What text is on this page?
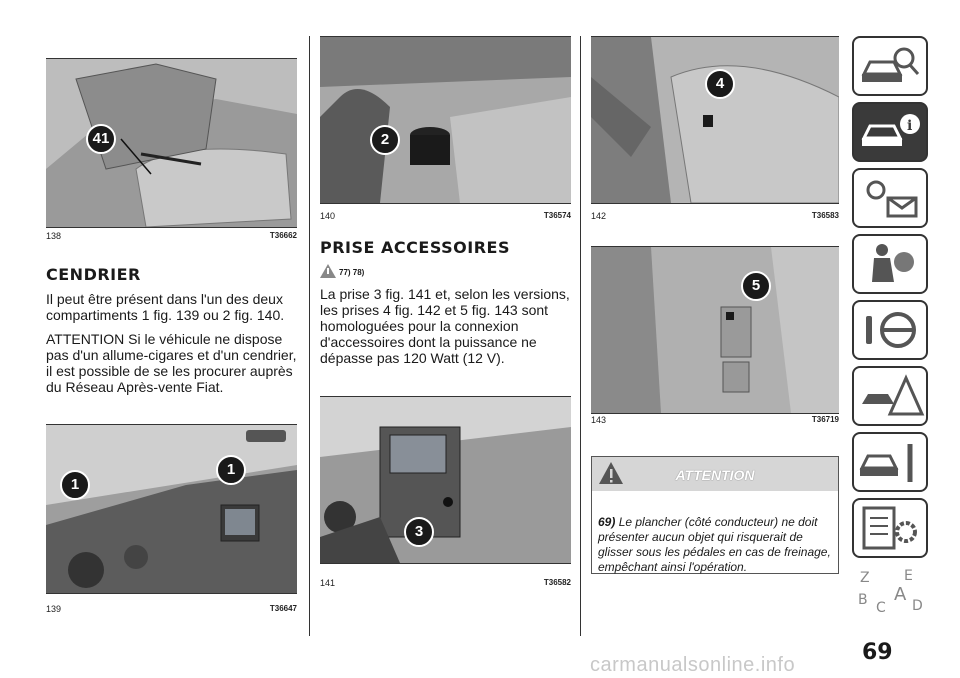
41
138	T36662
CENDRIER
Il peut être présent dans l'un des deux compartiments 1 fig. 139 ou 2 fig. 140.
ATTENTION Si le véhicule ne dispose pas d'un allume-cigares et d'un cendrier, il est possible de se les procurer auprès du Réseau Après-vente Fiat.
1
1
139	T36647
2
140	T36574
PRISE ACCESSOIRES
77) 78)
La prise 3 fig. 141 et, selon les versions, les prises 4 fig. 142 et 5 fig. 143 sont homologuées pour la connexion d'accessoires dont la puissance ne dépasse pas 120 Watt (12 V).
3
141	T36582
4
142	T36583
5
143	T36719
ATTENTION
69) Le plancher (côté conducteur) ne doit présenter aucun objet qui risquerait de glisser sous les pédales en cas de freinage, empêchant ainsi l'opération.
i
Z E
B C
A
D
69
carmanualsonline.info
